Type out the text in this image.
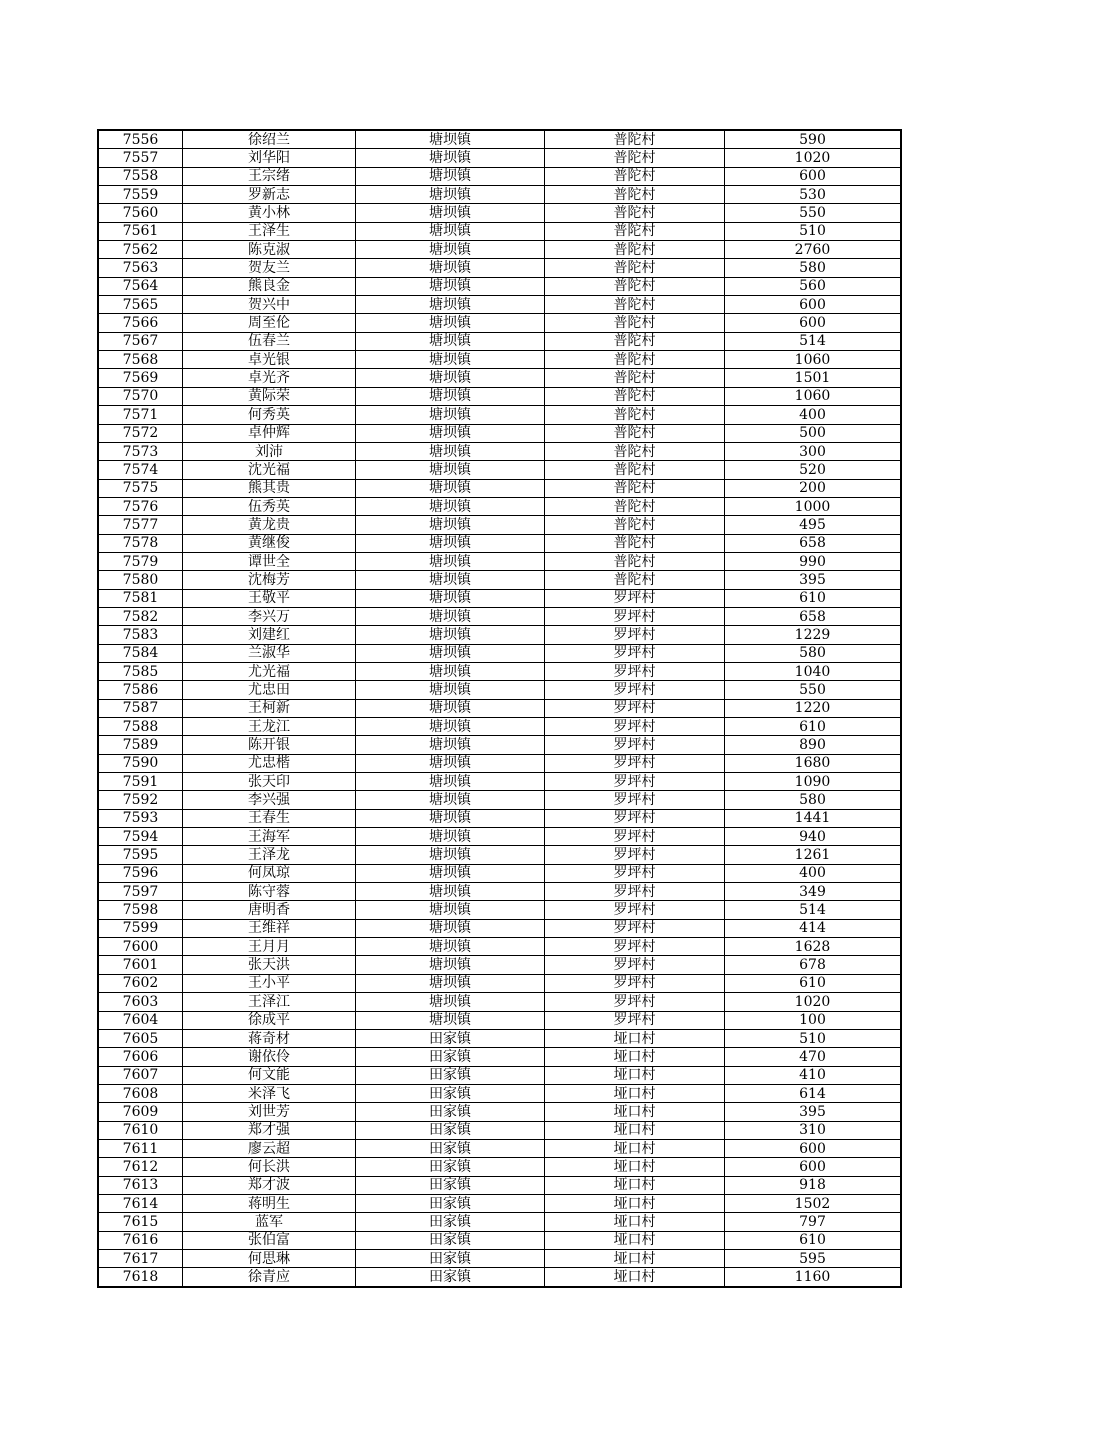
7556	徐绍兰	塘坝镇	普陀村	590
7557	刘华阳	塘坝镇	普陀村	1020
7558	王宗绪	塘坝镇	普陀村	600
7559	罗新志	塘坝镇	普陀村	530
7560	黄小林	塘坝镇	普陀村	550
7561	王泽生	塘坝镇	普陀村	510
7562	陈克淑	塘坝镇	普陀村	2760
7563	贺友兰	塘坝镇	普陀村	580
7564	熊良金	塘坝镇	普陀村	560
7565	贺兴中	塘坝镇	普陀村	600
7566	周至伦	塘坝镇	普陀村	600
7567	伍春兰	塘坝镇	普陀村	514
7568	卓光银	塘坝镇	普陀村	1060
7569	卓光齐	塘坝镇	普陀村	1501
7570	黄际荣	塘坝镇	普陀村	1060
7571	何秀英	塘坝镇	普陀村	400
7572	卓仲辉	塘坝镇	普陀村	500
7573	刘沛	塘坝镇	普陀村	300
7574	沈光福	塘坝镇	普陀村	520
7575	熊其贵	塘坝镇	普陀村	200
7576	伍秀英	塘坝镇	普陀村	1000
7577	黄龙贵	塘坝镇	普陀村	495
7578	黄继俊	塘坝镇	普陀村	658
7579	谭世全	塘坝镇	普陀村	990
7580	沈梅芳	塘坝镇	普陀村	395
7581	王敬平	塘坝镇	罗坪村	610
7582	李兴万	塘坝镇	罗坪村	658
7583	刘建红	塘坝镇	罗坪村	1229
7584	兰淑华	塘坝镇	罗坪村	580
7585	尤光福	塘坝镇	罗坪村	1040
7586	尤忠田	塘坝镇	罗坪村	550
7587	王柯新	塘坝镇	罗坪村	1220
7588	王龙江	塘坝镇	罗坪村	610
7589	陈开银	塘坝镇	罗坪村	890
7590	尤忠楷	塘坝镇	罗坪村	1680
7591	张天印	塘坝镇	罗坪村	1090
7592	李兴强	塘坝镇	罗坪村	580
7593	王春生	塘坝镇	罗坪村	1441
7594	王海军	塘坝镇	罗坪村	940
7595	王泽龙	塘坝镇	罗坪村	1261
7596	何凤琼	塘坝镇	罗坪村	400
7597	陈守蓉	塘坝镇	罗坪村	349
7598	唐明香	塘坝镇	罗坪村	514
7599	王维祥	塘坝镇	罗坪村	414
7600	王月月	塘坝镇	罗坪村	1628
7601	张天洪	塘坝镇	罗坪村	678
7602	王小平	塘坝镇	罗坪村	610
7603	王泽江	塘坝镇	罗坪村	1020
7604	徐成平	塘坝镇	罗坪村	100
7605	蒋奇材	田家镇	垭口村	510
7606	谢依伶	田家镇	垭口村	470
7607	何文能	田家镇	垭口村	410
7608	米泽飞	田家镇	垭口村	614
7609	刘世芳	田家镇	垭口村	395
7610	郑才强	田家镇	垭口村	310
7611	廖云超	田家镇	垭口村	600
7612	何长洪	田家镇	垭口村	600
7613	郑才波	田家镇	垭口村	918
7614	蒋明生	田家镇	垭口村	1502
7615	蓝军	田家镇	垭口村	797
7616	张伯富	田家镇	垭口村	610
7617	何思琳	田家镇	垭口村	595
7618	徐青应	田家镇	垭口村	1160
